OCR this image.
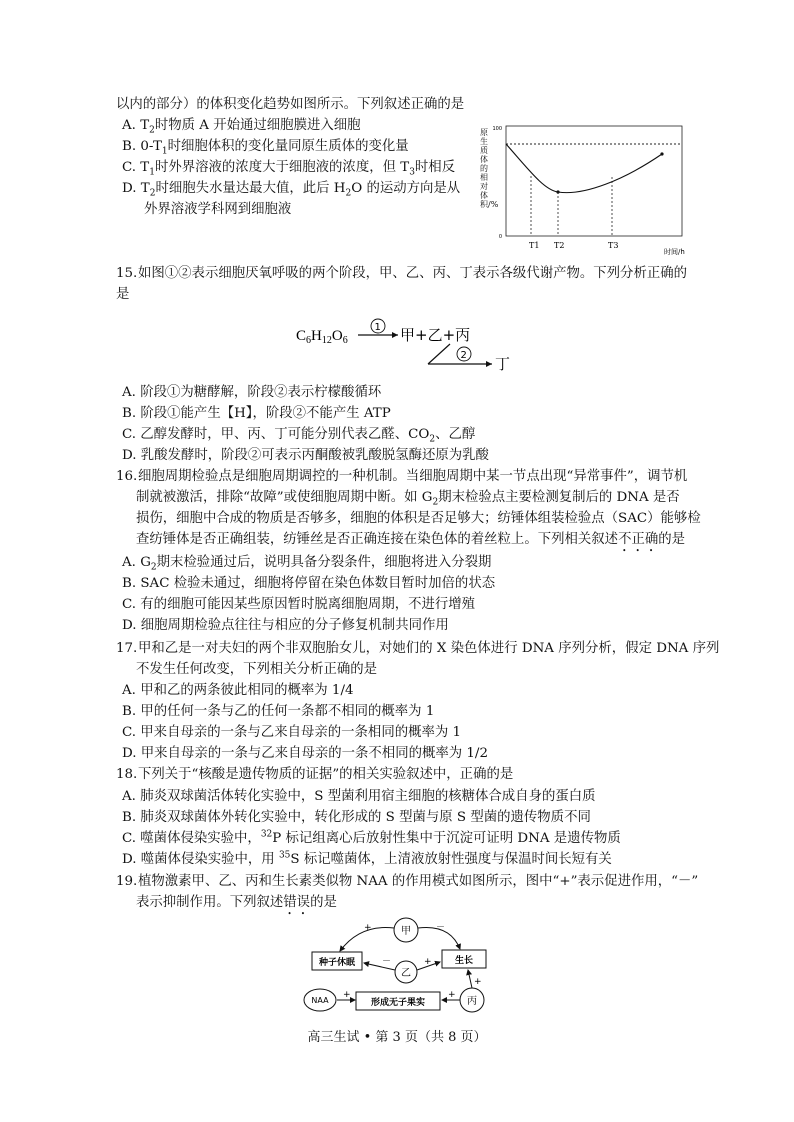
以内的部分）的体积变化趋势如图所示。下列叙述正确的是
A. $T_2$时物质 A 开始通过细胞膜进入细胞
B. $0-T_1$时细胞体积的变化量同原生质体的变化量
C. $T_1$时外界溶液的浓度大于细胞液的浓度，但 $T_3$时相反
D. $T_2$时细胞失水量达最大值，此后 $H_2O$ 的运动方向是从
外界溶液学科网到细胞液
100
0
T1 T2	T3
时间/h
原生质体的相对体积/%
15. 如图①②表示细胞厌氧呼吸的两个阶段，甲、乙、丙、丁表示各级代谢产物。下列分析正确的
是
$C_6H_{12}O_6$
1 甲+乙+丙
2 丁
A. 阶段①为糖酵解，阶段②表示柠檬酸循环
B. 阶段①能产生【H】，阶段②不能产生 ATP
C. 乙醇发酵时，甲、丙、丁可能分别代表乙醛、$CO_2$、乙醇
D. 乳酸发酵时，阶段②可表示丙酮酸被乳酸脱氢酶还原为乳酸
16. 细胞周期检验点是细胞周期调控的一种机制。当细胞周期中某一节点出现“异常事件”，调节机
制就被激活，排除“故障”或使细胞周期中断。如 $G_2$期末检验点主要检测复制后的 DNA 是否
损伤，细胞中合成的物质是否够多，细胞的体积是否足够大；纺锤体组装检验点（SAC）能够检
查纺锤体是否正确组装，纺锤丝是否正确连接在染色体的着丝粒上。下列相关叙述不正确的是
A. $G_2$期末检验通过后，说明具备分裂条件，细胞将进入分裂期
B. SAC 检验未通过，细胞将停留在染色体数目暂时加倍的状态
C. 有的细胞可能因某些原因暂时脱离细胞周期，不进行增殖
D. 细胞周期检验点往往与相应的分子修复机制共同作用
17. 甲和乙是一对夫妇的两个非双胞胎女儿，对她们的 X 染色体进行 DNA 序列分析，假定 DNA 序列
不发生任何改变，下列相关分析正确的是
A. 甲和乙的两条彼此相同的概率为 1/4
B. 甲的任何一条与乙的任何一条都不相同的概率为 1
C. 甲来自母亲的一条与乙来自母亲的一条相同的概率为 1
D. 甲来自母亲的一条与乙来自母亲的一条不相同的概率为 1/2
18. 下列关于“核酸是遗传物质的证据”的相关实验叙述中，正确的是
A. 肺炎双球菌活体转化实验中，S 型菌利用宿主细胞的核糖体合成自身的蛋白质
B. 肺炎双球菌体外转化实验中，转化形成的 S 型菌与原 S 型菌的遗传物质不同
C. 噬菌体侵染实验中，$^{32}$P 标记组离心后放射性集中于沉淀可证明 DNA 是遗传物质
D. 噬菌体侵染实验中，用 $^{35}$S 标记噬菌体，上清液放射性强度与保温时间长短有关
19. 植物激素甲、乙、丙和生长素类似物 NAA 的作用模式如图所示，图中“+”表示促进作用，“－”
表示抑制作用。下列叙述错误的是
甲
乙
丙
NAA
种子休眠	生长
形成无子果实
+	－
－	+
+	+
+
高三生试 • 第 3 页（共 8 页）
